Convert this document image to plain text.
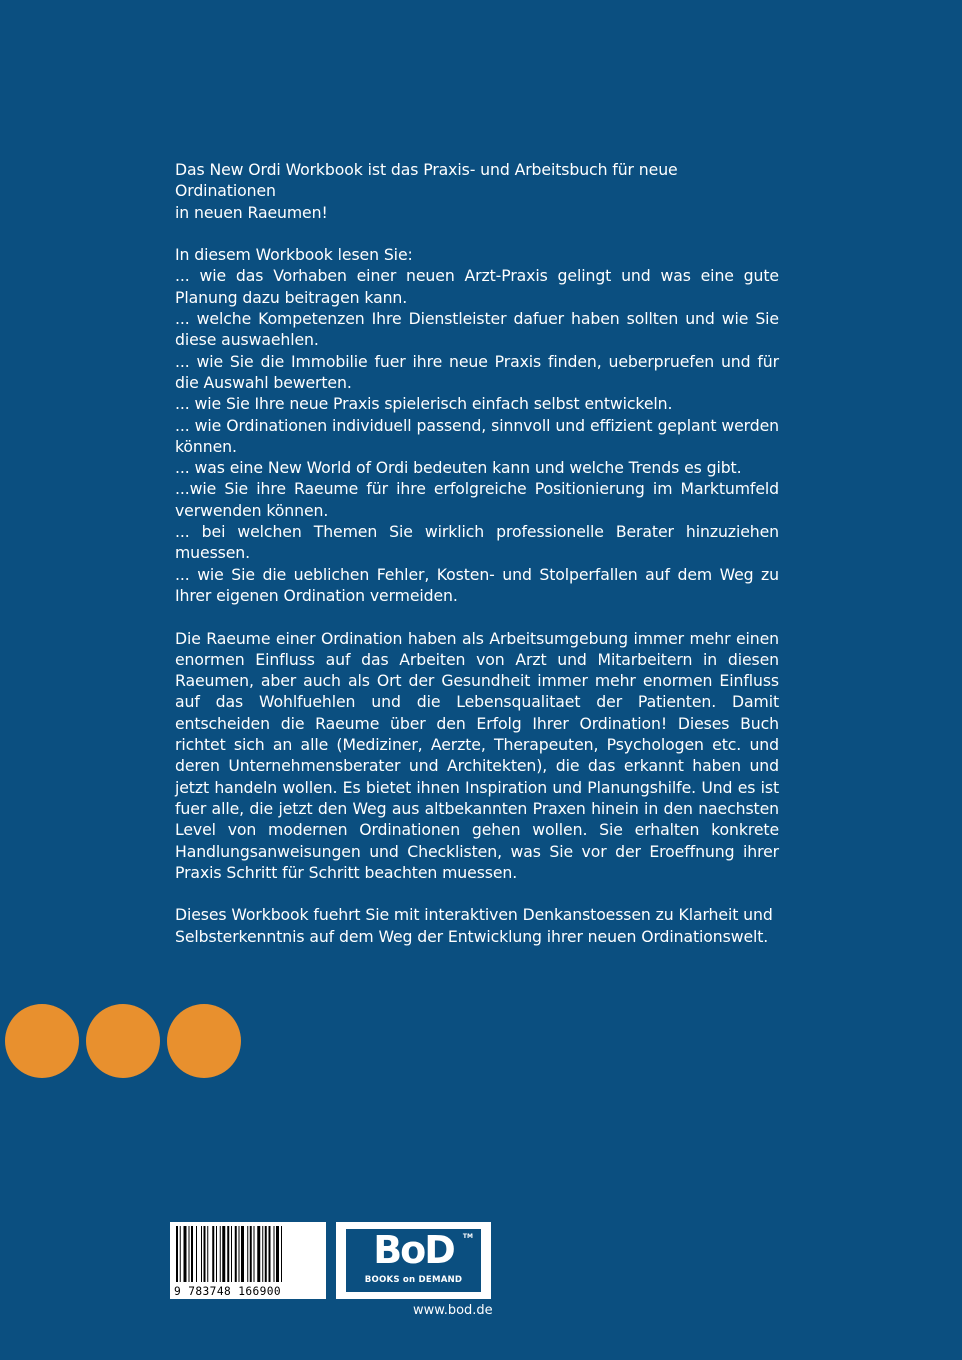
Das New Ordi Workbook ist das Praxis- und Arbeitsbuch für neue Ordinationen

in neuen Raeumen!

In diesem Workbook lesen Sie:

... wie das Vorhaben einer neuen Arzt-Praxis gelingt und was eine gute Planung dazu beitragen kann.

... welche Kompetenzen Ihre Dienstleister dafuer haben sollten und wie Sie diese auswaehlen.

... wie Sie die Immobilie fuer ihre neue Praxis finden, ueberpruefen und für die Auswahl bewerten.

... wie Sie Ihre neue Praxis spielerisch einfach selbst entwickeln.

... wie Ordinationen individuell passend, sinnvoll und effizient geplant werden können.

... was eine New World of Ordi bedeuten kann und welche Trends es gibt.

...wie Sie ihre Raeume für ihre erfolgreiche Positionierung im Marktumfeld verwenden können.

... bei welchen Themen Sie wirklich professionelle Berater hinzuziehen muessen.

... wie Sie die ueblichen Fehler, Kosten- und Stolperfallen auf dem Weg zu Ihrer eigenen Ordination vermeiden.

Die Raeume einer Ordination haben als Arbeitsumgebung immer mehr einen enormen Einfluss auf das Arbeiten von Arzt und Mitarbeitern in diesen Raeumen, aber auch als Ort der Gesundheit immer mehr enormen Einfluss auf das Wohlfuehlen und die Lebensqualitaet der Patienten. Damit entscheiden die Raeume über den Erfolg Ihrer Ordination! Dieses Buch richtet sich an alle (Mediziner, Aerzte, Therapeuten, Psychologen etc. und deren Unternehmensberater und Architekten), die das erkannt haben und jetzt handeln wollen. Es bietet ihnen Inspiration und Planungshilfe. Und es ist fuer alle, die jetzt den Weg aus altbekannten Praxen hinein in den naechsten Level von modernen Ordinationen gehen wollen. Sie erhalten konkrete Handlungsanweisungen und Checklisten, was Sie vor der Eroeffnung ihrer Praxis Schritt für Schritt beachten muessen.

Dieses Workbook fuehrt Sie mit interaktiven Denkanstoessen zu Klarheit und Selbsterkenntnis auf dem Weg der Entwicklung ihrer neuen Ordinationswelt.

9 783748 166900
BoD	TM
BOOKS on DEMAND
www.bod.de
